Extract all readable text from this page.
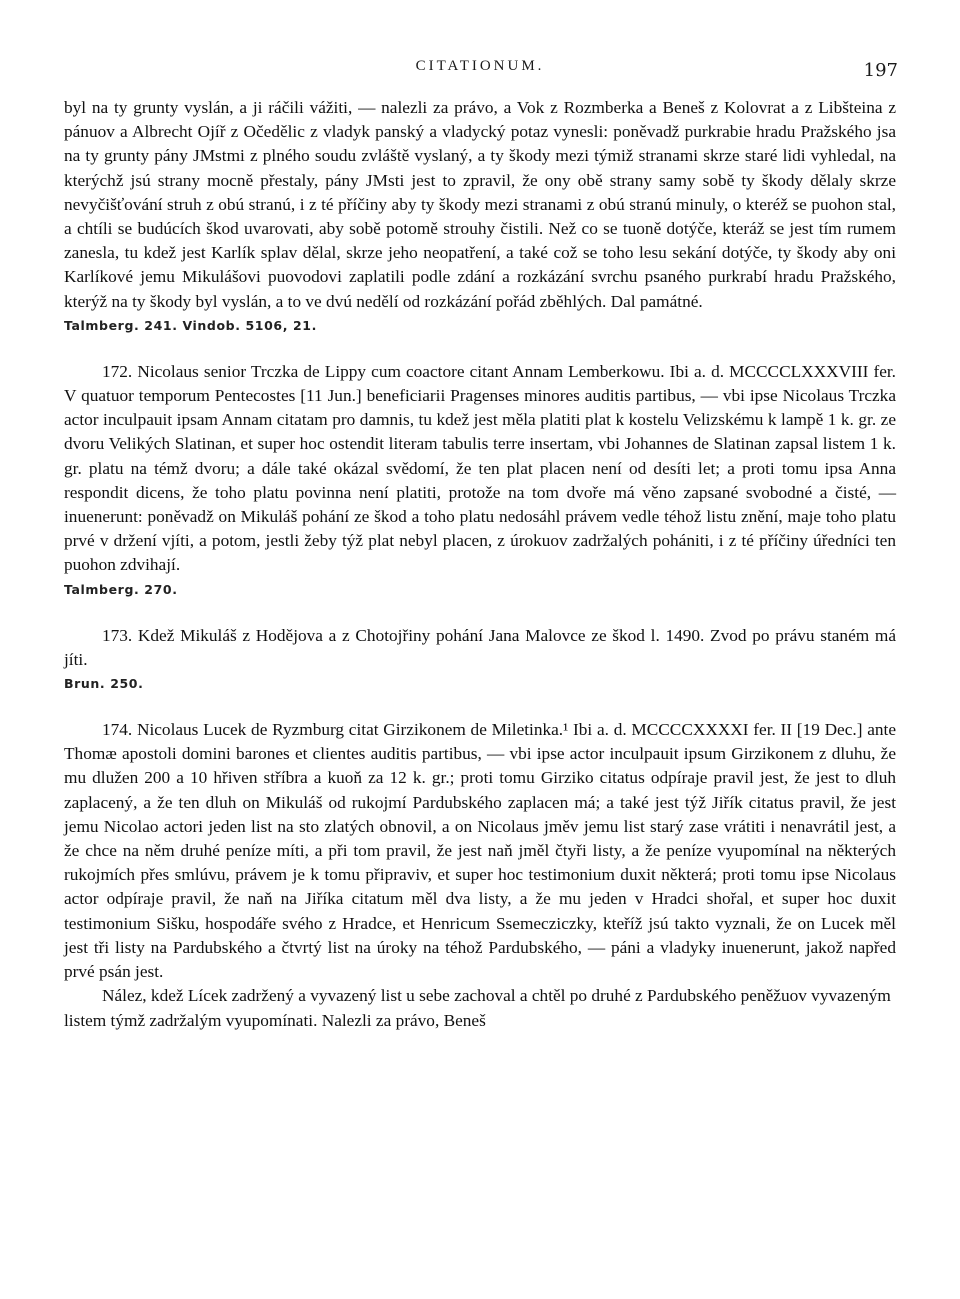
CITATIONUM.	197

byl na ty grunty vyslán, a ji ráčili vážiti, — nalezli za právo, a Vok z Rozmberka a Beneš z Kolovrat a z Libšteina z pánuov a Albrecht Ojíř z Očedělic z vladyk panský a vladycký potaz vynesli: poněvadž purkrabie hradu Pražského jsa na ty grunty pány JMstmi z plného soudu zvláště vyslaný, a ty škody mezi týmiž stranami skrze staré lidi vyhledal, na kterýchž jsú strany mocně přestaly, pány JMsti jest to zpravil, že ony obě strany samy sobě ty škody dělaly skrze nevyčišťování struh z obú stranú, i z té příčiny aby ty škody mezi stranami z obú stranú minuly, o kteréž se puohon stal, a chtíli se budúcích škod uvarovati, aby sobě potomě strouhy čistili. Než co se tuoně dotýče, kteráž se jest tím rumem zanesla, tu kdež jest Karlík splav dělal, skrze jeho neopatření, a také což se toho lesu sekání dotýče, ty škody aby oni Karlíkové jemu Mikulášovi puovodovi zaplatili podle zdání a rozkázání svrchu psaného purkrabí hradu Pražského, kterýž na ty škody byl vyslán, a to ve dvú nedělí od rozkázání pořád zběhlých. Dal památné.

Talmberg. 241. Vindob. 5106, 21.

172. Nicolaus senior Trczka de Lippy cum coactore citant Annam Lemberkowu. Ibi a. d. MCCCCLXXXVIII fer. V quatuor temporum Pentecostes [11 Jun.] beneficiarii Pragenses minores auditis partibus, — vbi ipse Nicolaus Trczka actor inculpauit ipsam Annam citatam pro damnis, tu kdež jest měla platiti plat k kostelu Velizskému k lampě 1 k. gr. ze dvoru Velikých Slatinan, et super hoc ostendit literam tabulis terre insertam, vbi Johannes de Slatinan zapsal listem 1 k. gr. platu na témž dvoru; a dále také okázal svědomí, že ten plat placen není od desíti let; a proti tomu ipsa Anna respondit dicens, že toho platu povinna není platiti, protože na tom dvoře má věno zapsané svobodné a čisté, — inuenerunt: poněvadž on Mikuláš pohání ze škod a toho platu nedosáhl právem vedle téhož listu znění, maje toho platu prvé v držení vjíti, a potom, jestli žeby týž plat nebyl placen, z úrokuov zadržalých pohániti, i z té příčiny úředníci ten puohon zdvihají.

Talmberg. 270.

173. Kdež Mikuláš z Hodějova a z Chotojřiny pohání Jana Malovce ze škod l. 1490. Zvod po právu staném má jíti.

Brun. 250.

174. Nicolaus Lucek de Ryzmburg citat Girzikonem de Miletinka.¹ Ibi a. d. MCCCCXXXXI fer. II [19 Dec.] ante Thomæ apostoli domini barones et clientes auditis partibus, — vbi ipse actor inculpauit ipsum Girzikonem z dluhu, že mu dlužen 200 a 10 hřiven stříbra a kuoň za 12 k. gr.; proti tomu Girziko citatus odpíraje pravil jest, že jest to dluh zaplacený, a že ten dluh on Mikuláš od rukojmí Pardubského zaplacen má; a také jest týž Jiřík citatus pravil, že jest jemu Nicolao actori jeden list na sto zlatých obnovil, a on Nicolaus jměv jemu list starý zase vrátiti i nenavrátil jest, a že chce na něm druhé peníze míti, a při tom pravil, že jest naň jměl čtyři listy, a že peníze vyupomínal na některých rukojmích přes smlúvu, právem je k tomu připraviv, et super hoc testimonium duxit některá; proti tomu ipse Nicolaus actor odpíraje pravil, že naň na Jiříka citatum měl dva listy, a že mu jeden v Hradci shořal, et super hoc duxit testimonium Sišku, hospodáře svého z Hradce, et Henricum Ssemecziczky, kteříž jsú takto vyznali, že on Lucek měl jest tři listy na Pardubského a čtvrtý list na úroky na téhož Pardubského, — páni a vladyky inuenerunt, jakož napřed prvé psán jest.

Nález, kdež Lícek zadržený a vyvazený list u sebe zachoval a chtěl po druhé z Pardubského peněžuov vyvazeným listem týmž zadržalým vyupomínati. Nalezli za právo, Beneš
